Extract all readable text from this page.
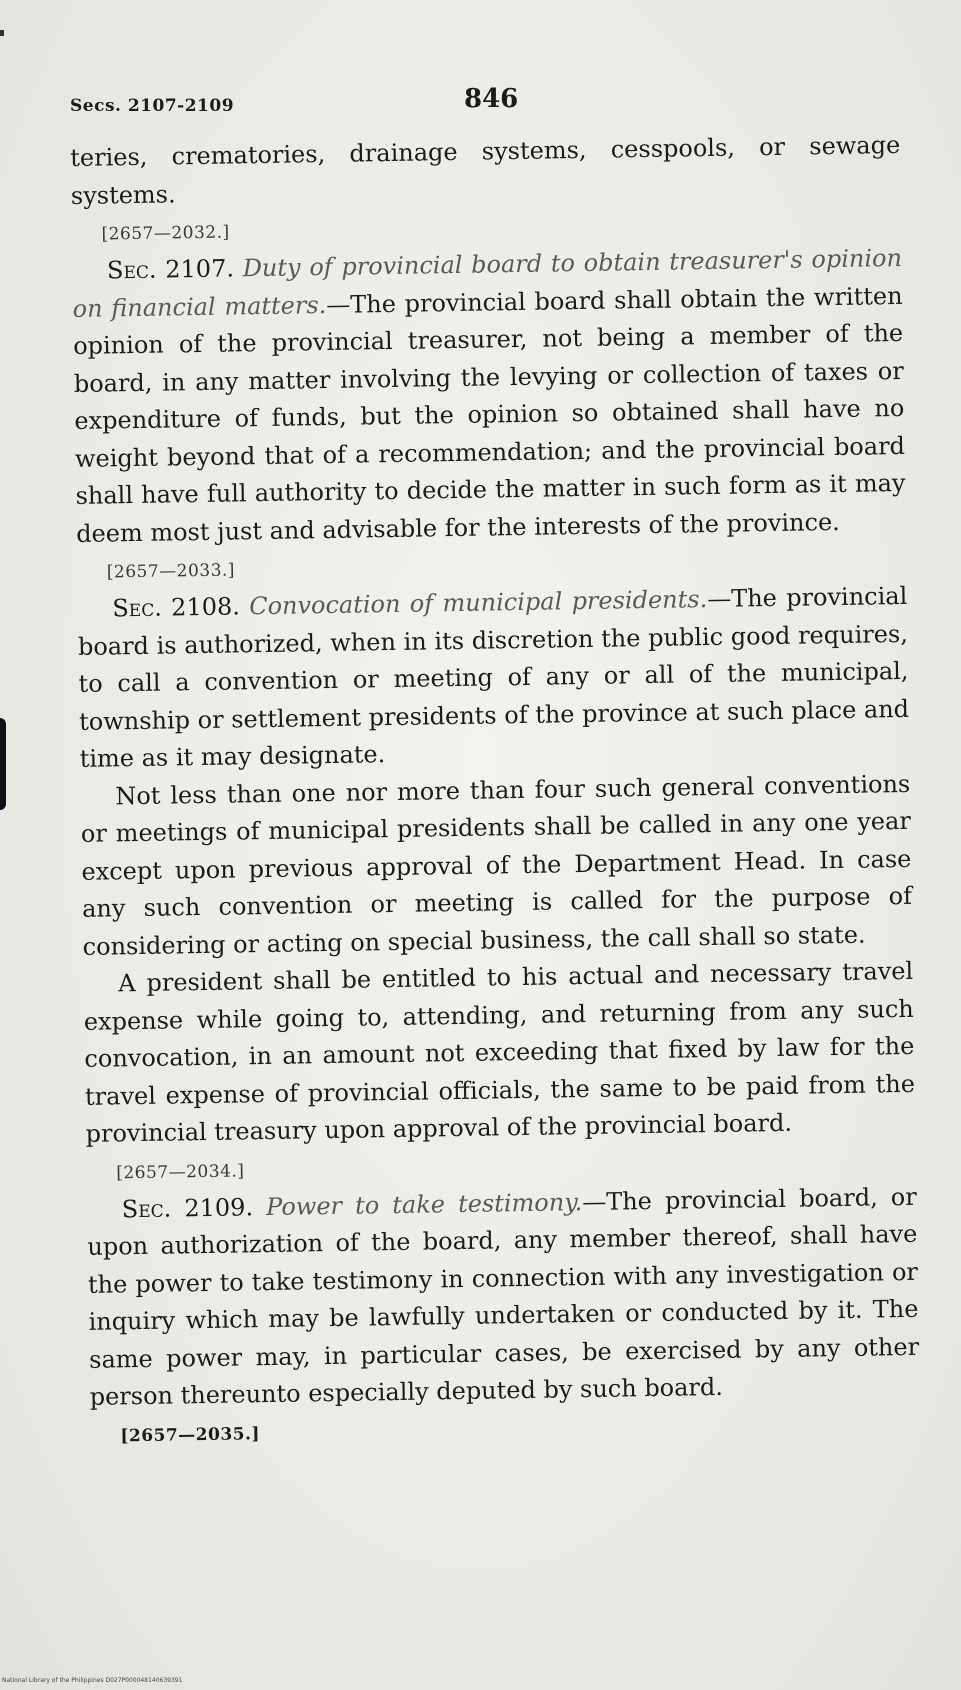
Secs. 2107-2109	846

teries, crematories, drainage systems, cesspools, or sewage systems.

[2657—2032.]

Sec. 2107. Duty of provincial board to obtain treasurer's opinion on financial matters.—The provincial board shall obtain the written opinion of the provincial treasurer, not being a member of the board, in any matter involving the levying or collection of taxes or expenditure of funds, but the opinion so obtained shall have no weight beyond that of a recommendation; and the provincial board shall have full authority to decide the matter in such form as it may deem most just and advisable for the interests of the province.

[2657—2033.]

Sec. 2108. Convocation of municipal presidents.—The provincial board is authorized, when in its discretion the public good requires, to call a convention or meeting of any or all of the municipal, township or settlement presidents of the province at such place and time as it may designate.

Not less than one nor more than four such general conventions or meetings of municipal presidents shall be called in any one year except upon previous approval of the Department Head. In case any such convention or meeting is called for the purpose of considering or acting on special business, the call shall so state.

A president shall be entitled to his actual and necessary travel expense while going to, attending, and returning from any such convocation, in an amount not exceeding that fixed by law for the travel expense of provincial officials, the same to be paid from the provincial treasury upon approval of the provincial board.

[2657—2034.]

Sec. 2109. Power to take testimony.—The provincial board, or upon authorization of the board, any member thereof, shall have the power to take testimony in connection with any investigation or inquiry which may be lawfully undertaken or conducted by it. The same power may, in particular cases, be exercised by any other person thereunto especially deputed by such board.

[2657—2035.]
National Library of the Philippines D027P000048140639391
